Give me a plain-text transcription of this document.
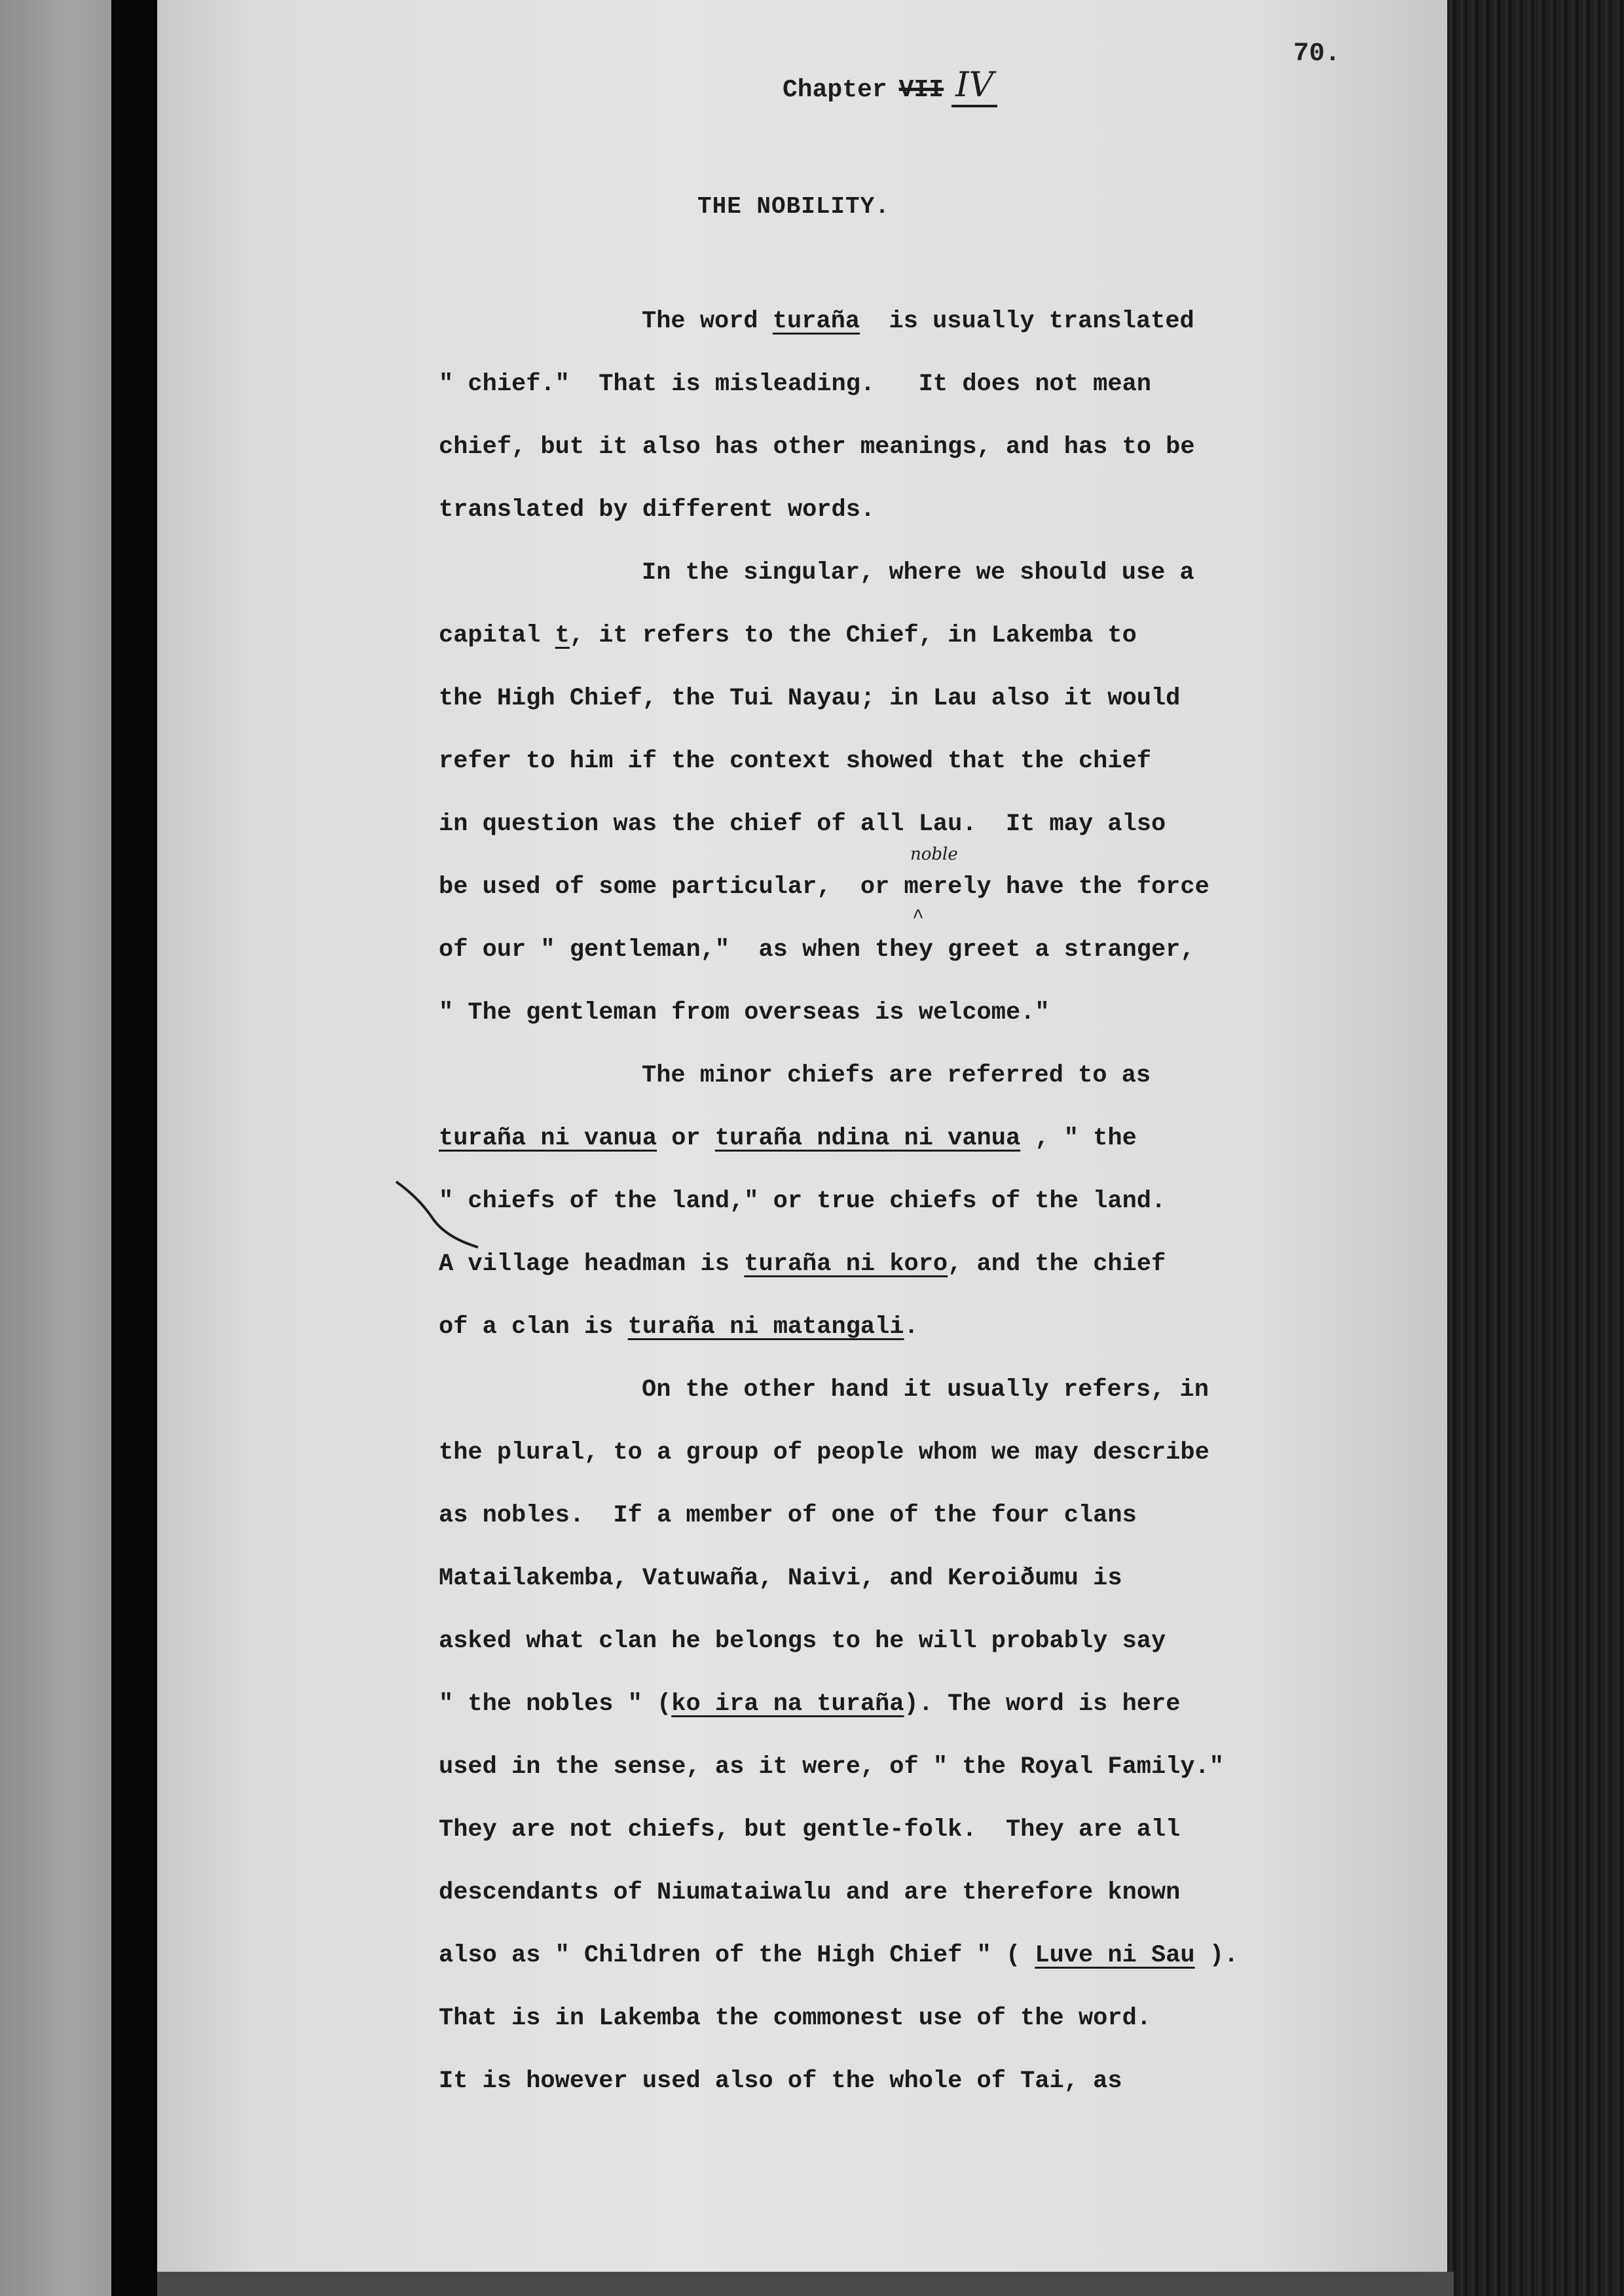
70.
Chapter VII IV
THE NOBILITY.
noble
^
The word turaña  is usually translated
" chief."  That is misleading.   It does not mean
chief, but it also has other meanings, and has to be
translated by different words.
In the singular, where we should use a
capital t, it refers to the Chief, in Lakemba to
the High Chief, the Tui Nayau; in Lau also it would
refer to him if the context showed that the chief
in question was the chief of all Lau.  It may also
be used of some particular,  or merely have the force
of our " gentleman,"  as when they greet a stranger,
" The gentleman from overseas is welcome."
The minor chiefs are referred to as
turaña ni vanua or turaña ndina ni vanua , " the
" chiefs of the land," or true chiefs of the land.
A village headman is turaña ni koro, and the chief
of a clan is turaña ni matangali.
On the other hand it usually refers, in
the plural, to a group of people whom we may describe
as nobles.  If a member of one of the four clans
Matailakemba, Vatuwaña, Naivi, and Keroiðumu is
asked what clan he belongs to he will probably say
" the nobles " (ko ira na turaña). The word is here
used in the sense, as it were, of " the Royal Family."
They are not chiefs, but gentle-folk.  They are all
descendants of Niumataiwalu and are therefore known
also as " Children of the High Chief " ( Luve ni Sau ).
That is in Lakemba the commonest use of the word.
It is however used also of the whole of Tai, as
